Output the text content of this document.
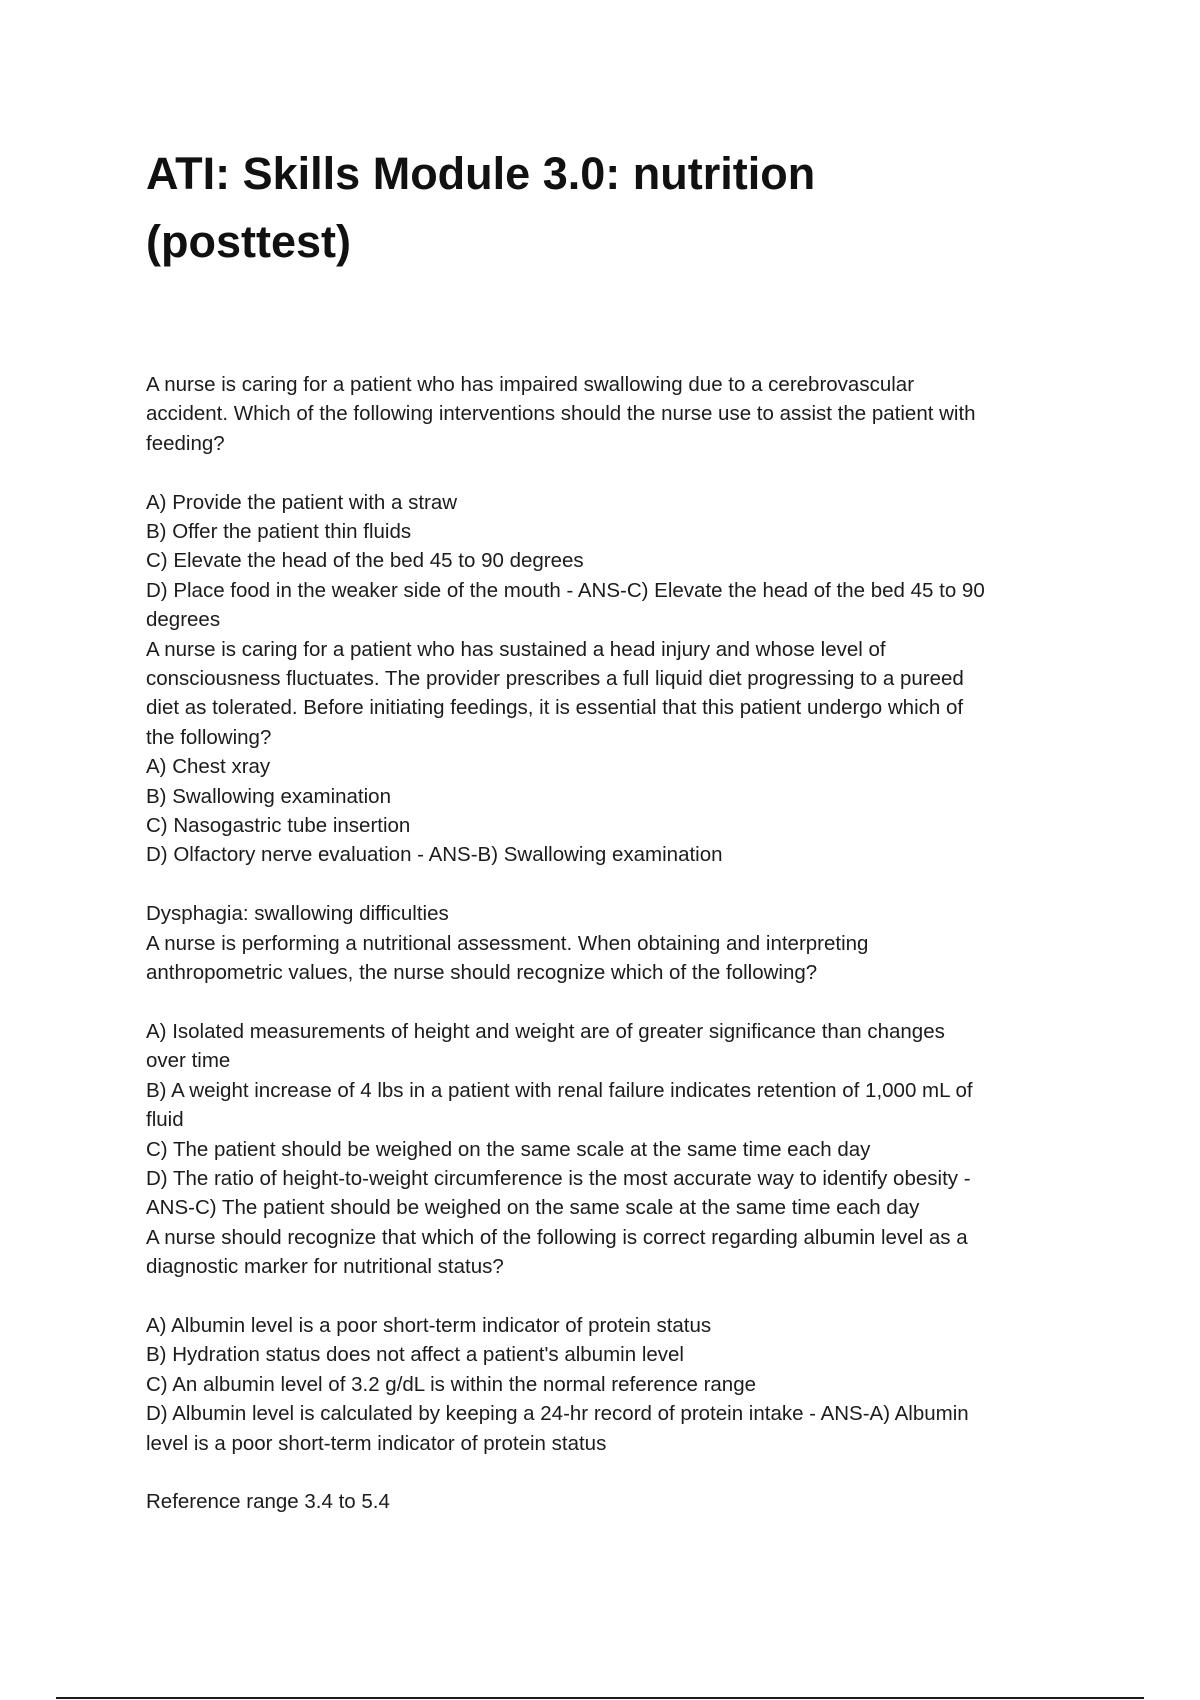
ATI: Skills Module 3.0: nutrition
(posttest)

A nurse is caring for a patient who has impaired swallowing due to a cerebrovascular

accident. Which of the following interventions should the nurse use to assist the patient with

feeding?

A) Provide the patient with a straw

B) Offer the patient thin fluids

C) Elevate the head of the bed 45 to 90 degrees

D) Place food in the weaker side of the mouth - ANS-C) Elevate the head of the bed 45 to 90

degrees

A nurse is caring for a patient who has sustained a head injury and whose level of

consciousness fluctuates. The provider prescribes a full liquid diet progressing to a pureed

diet as tolerated. Before initiating feedings, it is essential that this patient undergo which of

the following?

A) Chest xray

B) Swallowing examination

C) Nasogastric tube insertion

D) Olfactory nerve evaluation - ANS-B) Swallowing examination

Dysphagia: swallowing difficulties

A nurse is performing a nutritional assessment. When obtaining and interpreting

anthropometric values, the nurse should recognize which of the following?

A) Isolated measurements of height and weight are of greater significance than changes

over time

B) A weight increase of 4 lbs in a patient with renal failure indicates retention of 1,000 mL of

fluid

C) The patient should be weighed on the same scale at the same time each day

D) The ratio of height-to-weight circumference is the most accurate way to identify obesity -

ANS-C) The patient should be weighed on the same scale at the same time each day

A nurse should recognize that which of the following is correct regarding albumin level as a

diagnostic marker for nutritional status?

A) Albumin level is a poor short-term indicator of protein status

B) Hydration status does not affect a patient's albumin level

C) An albumin level of 3.2 g/dL is within the normal reference range

D) Albumin level is calculated by keeping a 24-hr record of protein intake - ANS-A) Albumin

level is a poor short-term indicator of protein status

Reference range 3.4 to 5.4
